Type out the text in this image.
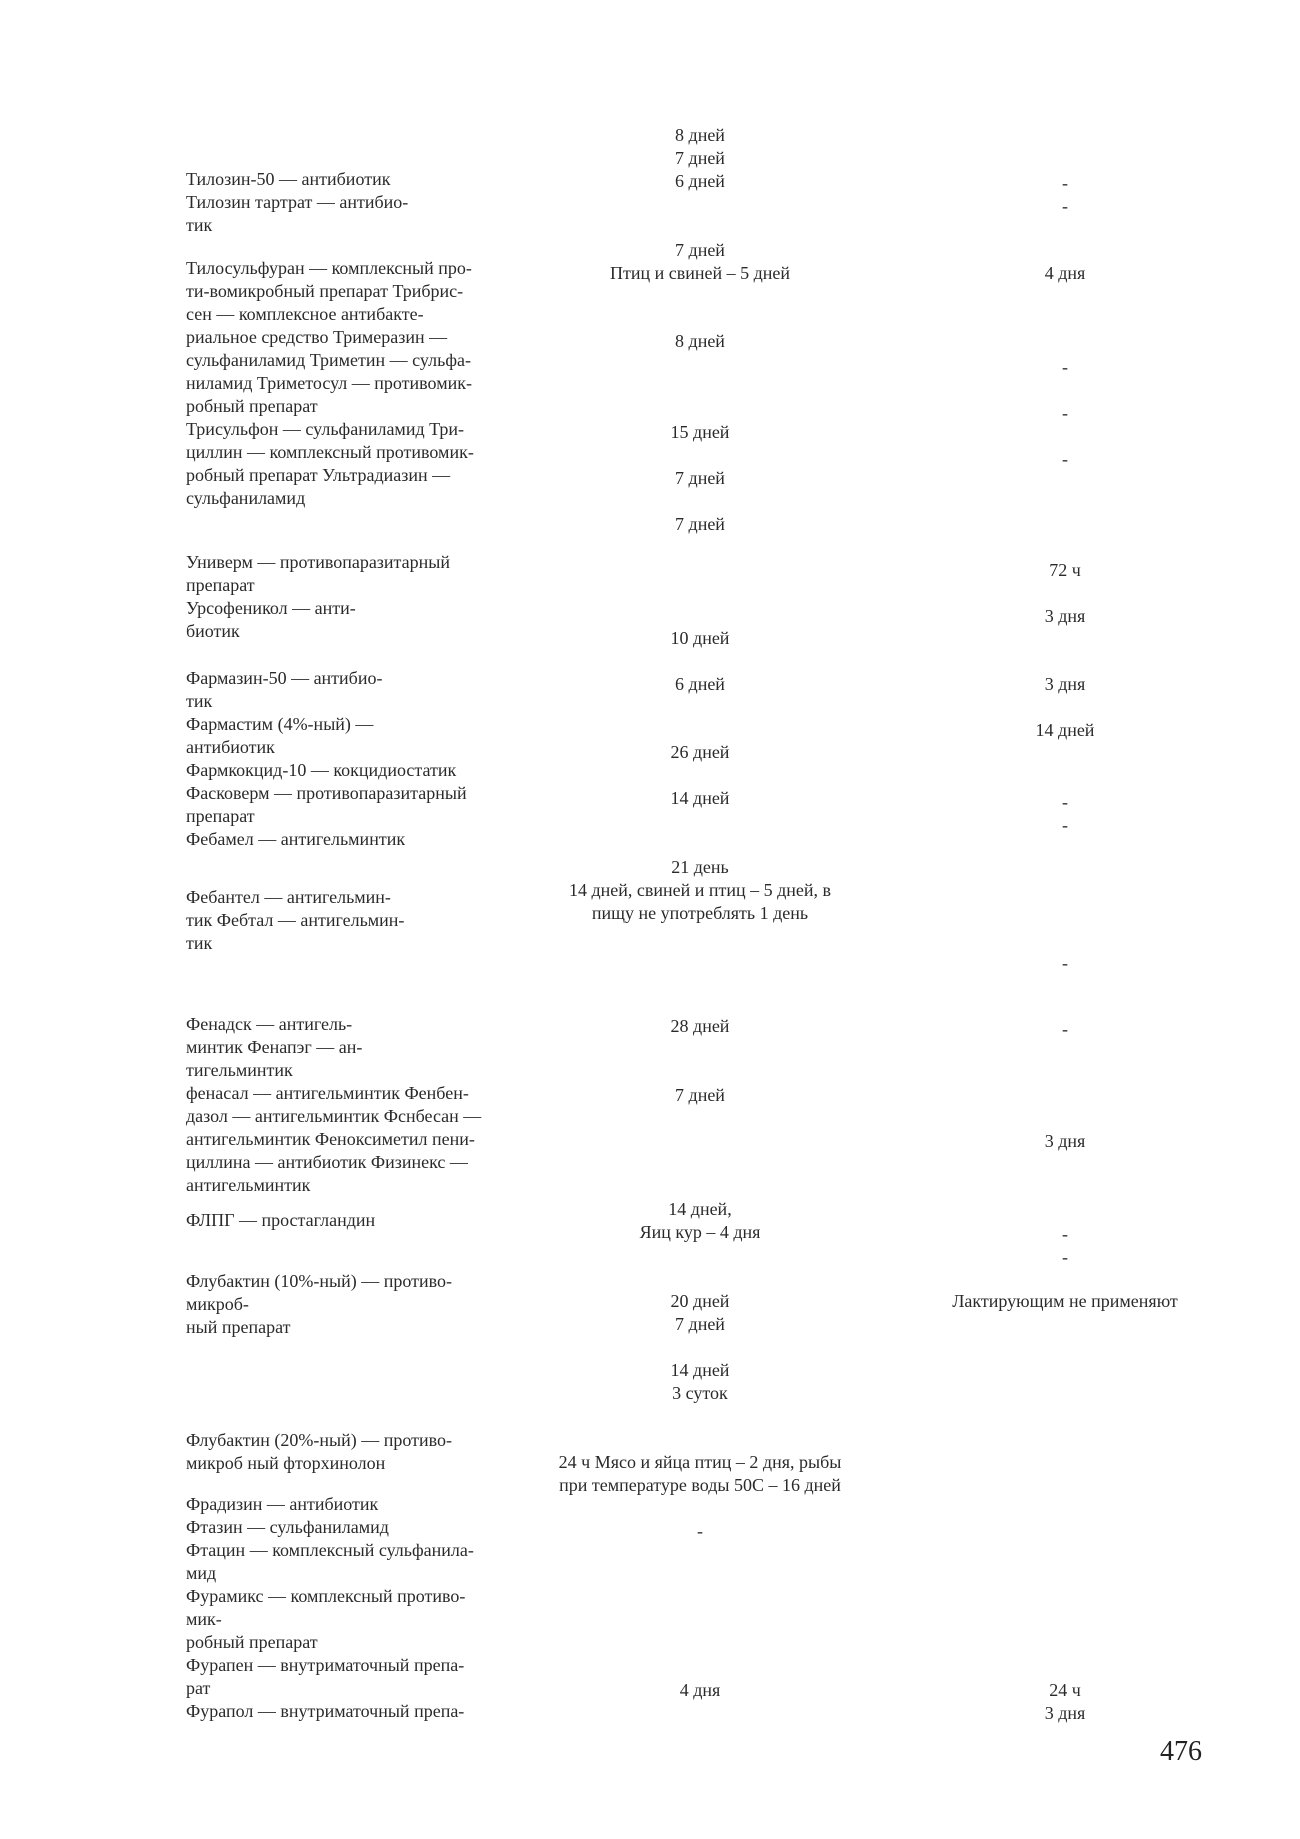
Тилозин-50 — антибиотик
Тилозин тартрат — антибио-
тик
Тилосульфуран — комплексный про-
ти-вомикробный препарат Трибрис-
сен — комплексное антибакте-
риальное средство Тримеразин —
сульфаниламид Триметин — сульфа-
ниламид Триметосул — противомик-
робный препарат
Трисульфон — сульфаниламид Три-
циллин — комплексный противомик-
робный препарат Ультрадиазин —
сульфаниламид
Универм — противопаразитарный
препарат
Урсофеникол — анти-
биотик
Фармазин-50 — антибио-
тик
Фармастим (4%-ный) —
антибиотик
Фармкокцид-10 — кокцидиостатик
Фасковерм — противопаразитарный
препарат
Фебамел — антигельминтик
Фебантел — антигельмин-
тик Фебтал — антигельмин-
тик
Фенадск — антигель-
минтик Фенапэг — ан-
тигельминтик
фенасал — антигельминтик Фенбен-
дазол — антигельминтик Фснбесан —
антигельминтик Феноксиметил пени-
циллина — антибиотик Физинекс —
антигельминтик
ФЛПГ — простагландин
Флубактин (10%-ный) — противо-
микроб-
ный препарат
Флубактин (20%-ный) — противо-
микроб ный фторхинолон
Фрадизин — антибиотик
Фтазин — сульфаниламид
Фтацин — комплексный сульфанила-
мид
Фурамикс — комплексный противо-
мик-
робный препарат
Фурапен — внутриматочный препа-
рат
Фурапол — внутриматочный препа-
8 дней
7 дней
6 дней
7 дней
Птиц и свиней – 5 дней
8 дней
15 дней
7 дней
7 дней
10 дней
6 дней
26 дней
14 дней
21 день
14 дней, свиней и птиц – 5 дней, в
пищу не употреблять 1 день
28 дней
7 дней
14 дней,
Яиц кур – 4 дня
20 дней
7 дней
14 дней
3 суток
24 ч Мясо и яйца птиц – 2 дня, рыбы
при температуре воды 50С – 16 дней
-
4 дня
-
-
4 дня
-
-
-
72 ч
3 дня
3 дня
14 дней
-
-
-
-
3 дня
-
-
Лактирующим не применяют
24 ч
3 дня
476
